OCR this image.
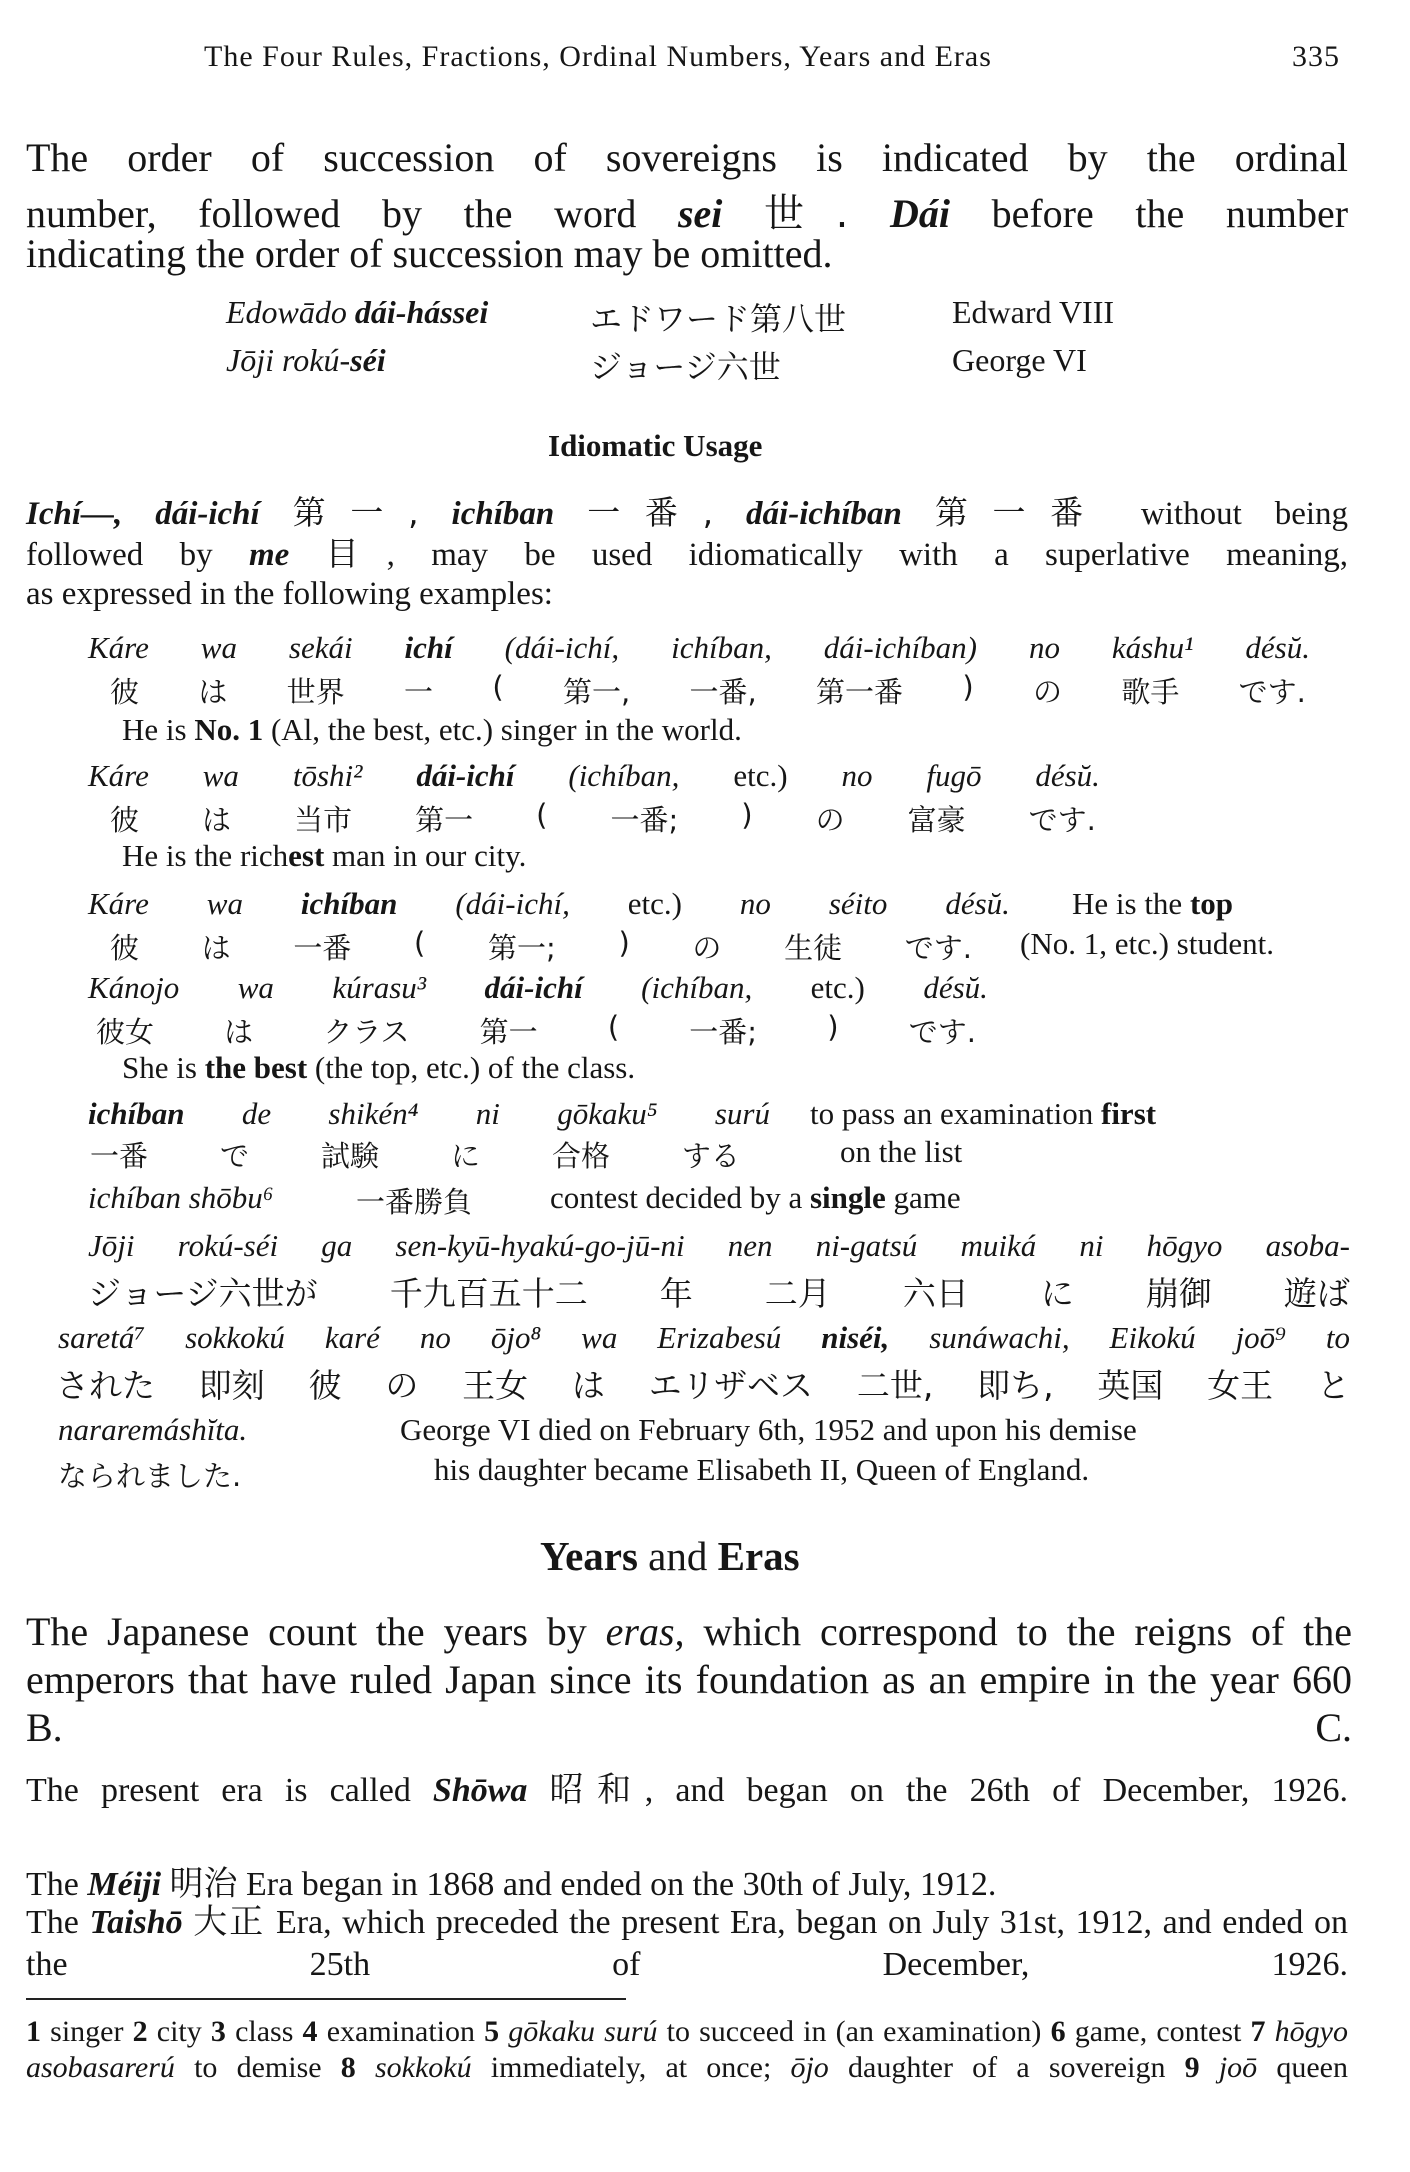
The Four Rules, Fractions, Ordinal Numbers, Years and Eras	335
The order of succession of sovereigns is indicated by the ordinal
number, followed by the word sei 世. Dái before the number
indicating the order of succession may be omitted.
Edowādo dái-hássei	エドワード第八世	Edward VIII
Jōji rokú-séi	ジョージ六世	George VI
Idiomatic Usage
Ichí—, dái-ichí 第一, ichíban 一番, dái-ichíban 第一番 without being
followed by me 目, may be used idiomatically with a superlative meaning,
as expressed in the following examples:
Káre wa sekái ichí (dái-ichí, ichíban, dái-ichíban) no káshu¹ désŭ.
彼 は 世界 一 ( 第一, 一番, 第一番 ) の 歌手 です.
He is No. 1 (Al, the best, etc.) singer in the world.
Káre wa tōshi² dái-ichí (ichíban, etc.) no fugō désŭ.
彼 は 当市 第一 ( 一番; ) の 富豪 です.
He is the richest man in our city.
Káre wa ichíban (dái-ichí, etc.) no séito désŭ.
彼 は 一番 ( 第一; ) の 生徒 です.
He is the top
(No. 1, etc.) student.
Kánojo wa kúrasu³ dái-ichí (ichíban, etc.) désŭ.
彼女 は クラス 第一 ( 一番; ) です.
She is the best (the top, etc.) of the class.
ichíban de shikén⁴ ni gōkaku⁵ surú
一番 で 試験 に 合格 する
to pass an examination first
on the list
ichíban shōbu⁶	一番勝負	contest decided by a single game
Jōji rokú-séi ga sen-kyū-hyakú-go-jū-ni nen ni-gatsú muiká ni hōgyo asoba-
ジョージ六世が 千九百五十二 年 二月 六日 に 崩御 遊ば
saretá⁷ sokkokú karé no ōjo⁸ wa Erizabesú niséi, sunáwachi, Eikokú joō⁹ to
された 即刻 彼 の 王女 は エリザベス 二世, 即ち, 英国 女王 と
nararemáshĭta.	George VI died on February 6th, 1952 and upon his demise
なられました.	his daughter became Elisabeth II, Queen of England.
Years and Eras
The Japanese count the years by eras, which correspond to the reigns of the emperors that have ruled Japan since its foundation as an empire in the year 660 B. C.
The present era is called Shōwa 昭和, and began on the 26th of December, 1926.
The Méiji 明治 Era began in 1868 and ended on the 30th of July, 1912.
The Taishō 大正 Era, which preceded the present Era, began on July 31st, 1912, and ended on the 25th of December, 1926.
1 singer 2 city 3 class 4 examination 5 gōkaku surú to succeed in (an examination) 6 game, contest 7 hōgyo asobasarerú to demise 8 sokkokú immediately, at once; ōjo daughter of a sovereign 9 joō queen
